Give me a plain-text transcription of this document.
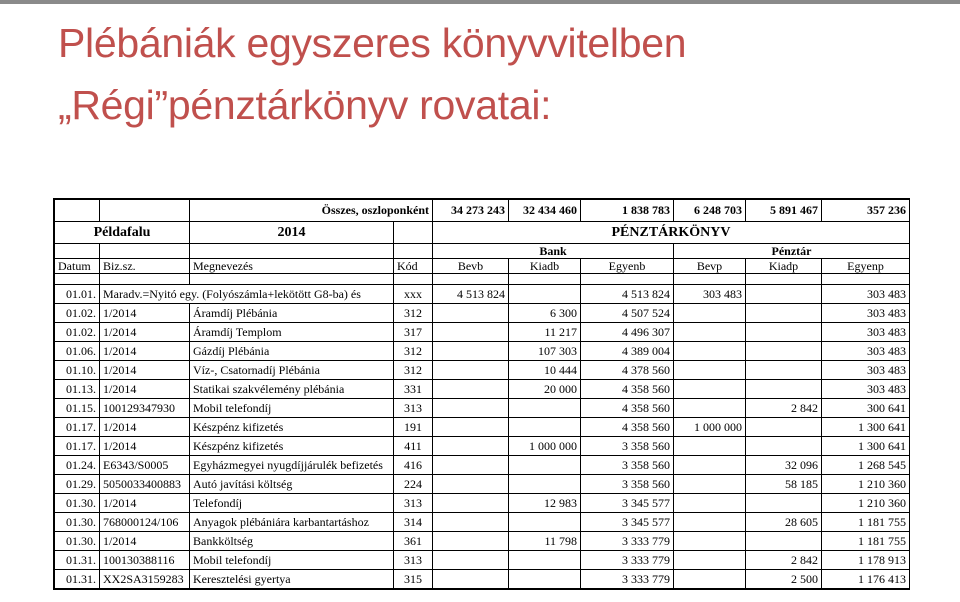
Plébániák egyszeres könyvvitelben
„Régi”pénztárkönyv rovatai:
		Összes, oszloponként		34 273 243	32 434 460	1 838 783	6 248 703	5 891 467	357 236
Példafalu		2014		PÉNZTÁRKÖNYV					
				Bank			Pénztár		
Datum	Biz.sz.	Megnevezés	Kód	Bevb	Kiadb	Egyenb	Bevp	Kiadp	Egyenp

01.01.	Maradv.=Nyitó egy. (Folyószámla+lekötött G8-ba) és		xxx	4 513 824		4 513 824	303 483		303 483
01.02.	1/2014	Áramdíj Plébánia	312		6 300	4 507 524			303 483
01.02.	1/2014	Áramdíj Templom	317		11 217	4 496 307			303 483
01.06.	1/2014	Gázdíj Plébánia	312		107 303	4 389 004			303 483
01.10.	1/2014	Víz-, Csatornadíj Plébánia	312		10 444	4 378 560			303 483
01.13.	1/2014	Statikai szakvélemény plébánia	331		20 000	4 358 560			303 483
01.15.	100129347930	Mobil telefondíj	313			4 358 560		2 842	300 641
01.17.	1/2014	Készpénz kifizetés	191			4 358 560	1 000 000		1 300 641
01.17.	1/2014	Készpénz kifizetés	411		1 000 000	3 358 560			1 300 641
01.24.	E6343/S0005	Egyházmegyei nyugdíjjárulék befizetés	416			3 358 560		32 096	1 268 545
01.29.	5050033400883	Autó javítási költség	224			3 358 560		58 185	1 210 360
01.30.	1/2014	Telefondíj	313		12 983	3 345 577			1 210 360
01.30.	768000124/106	Anyagok plébániára karbantartáshoz	314			3 345 577		28 605	1 181 755
01.30.	1/2014	Bankköltség	361		11 798	3 333 779			1 181 755
01.31.	100130388116	Mobil telefondíj	313			3 333 779		2 842	1 178 913
01.31.	XX2SA3159283	Keresztelési gyertya	315			3 333 779		2 500	1 176 413
